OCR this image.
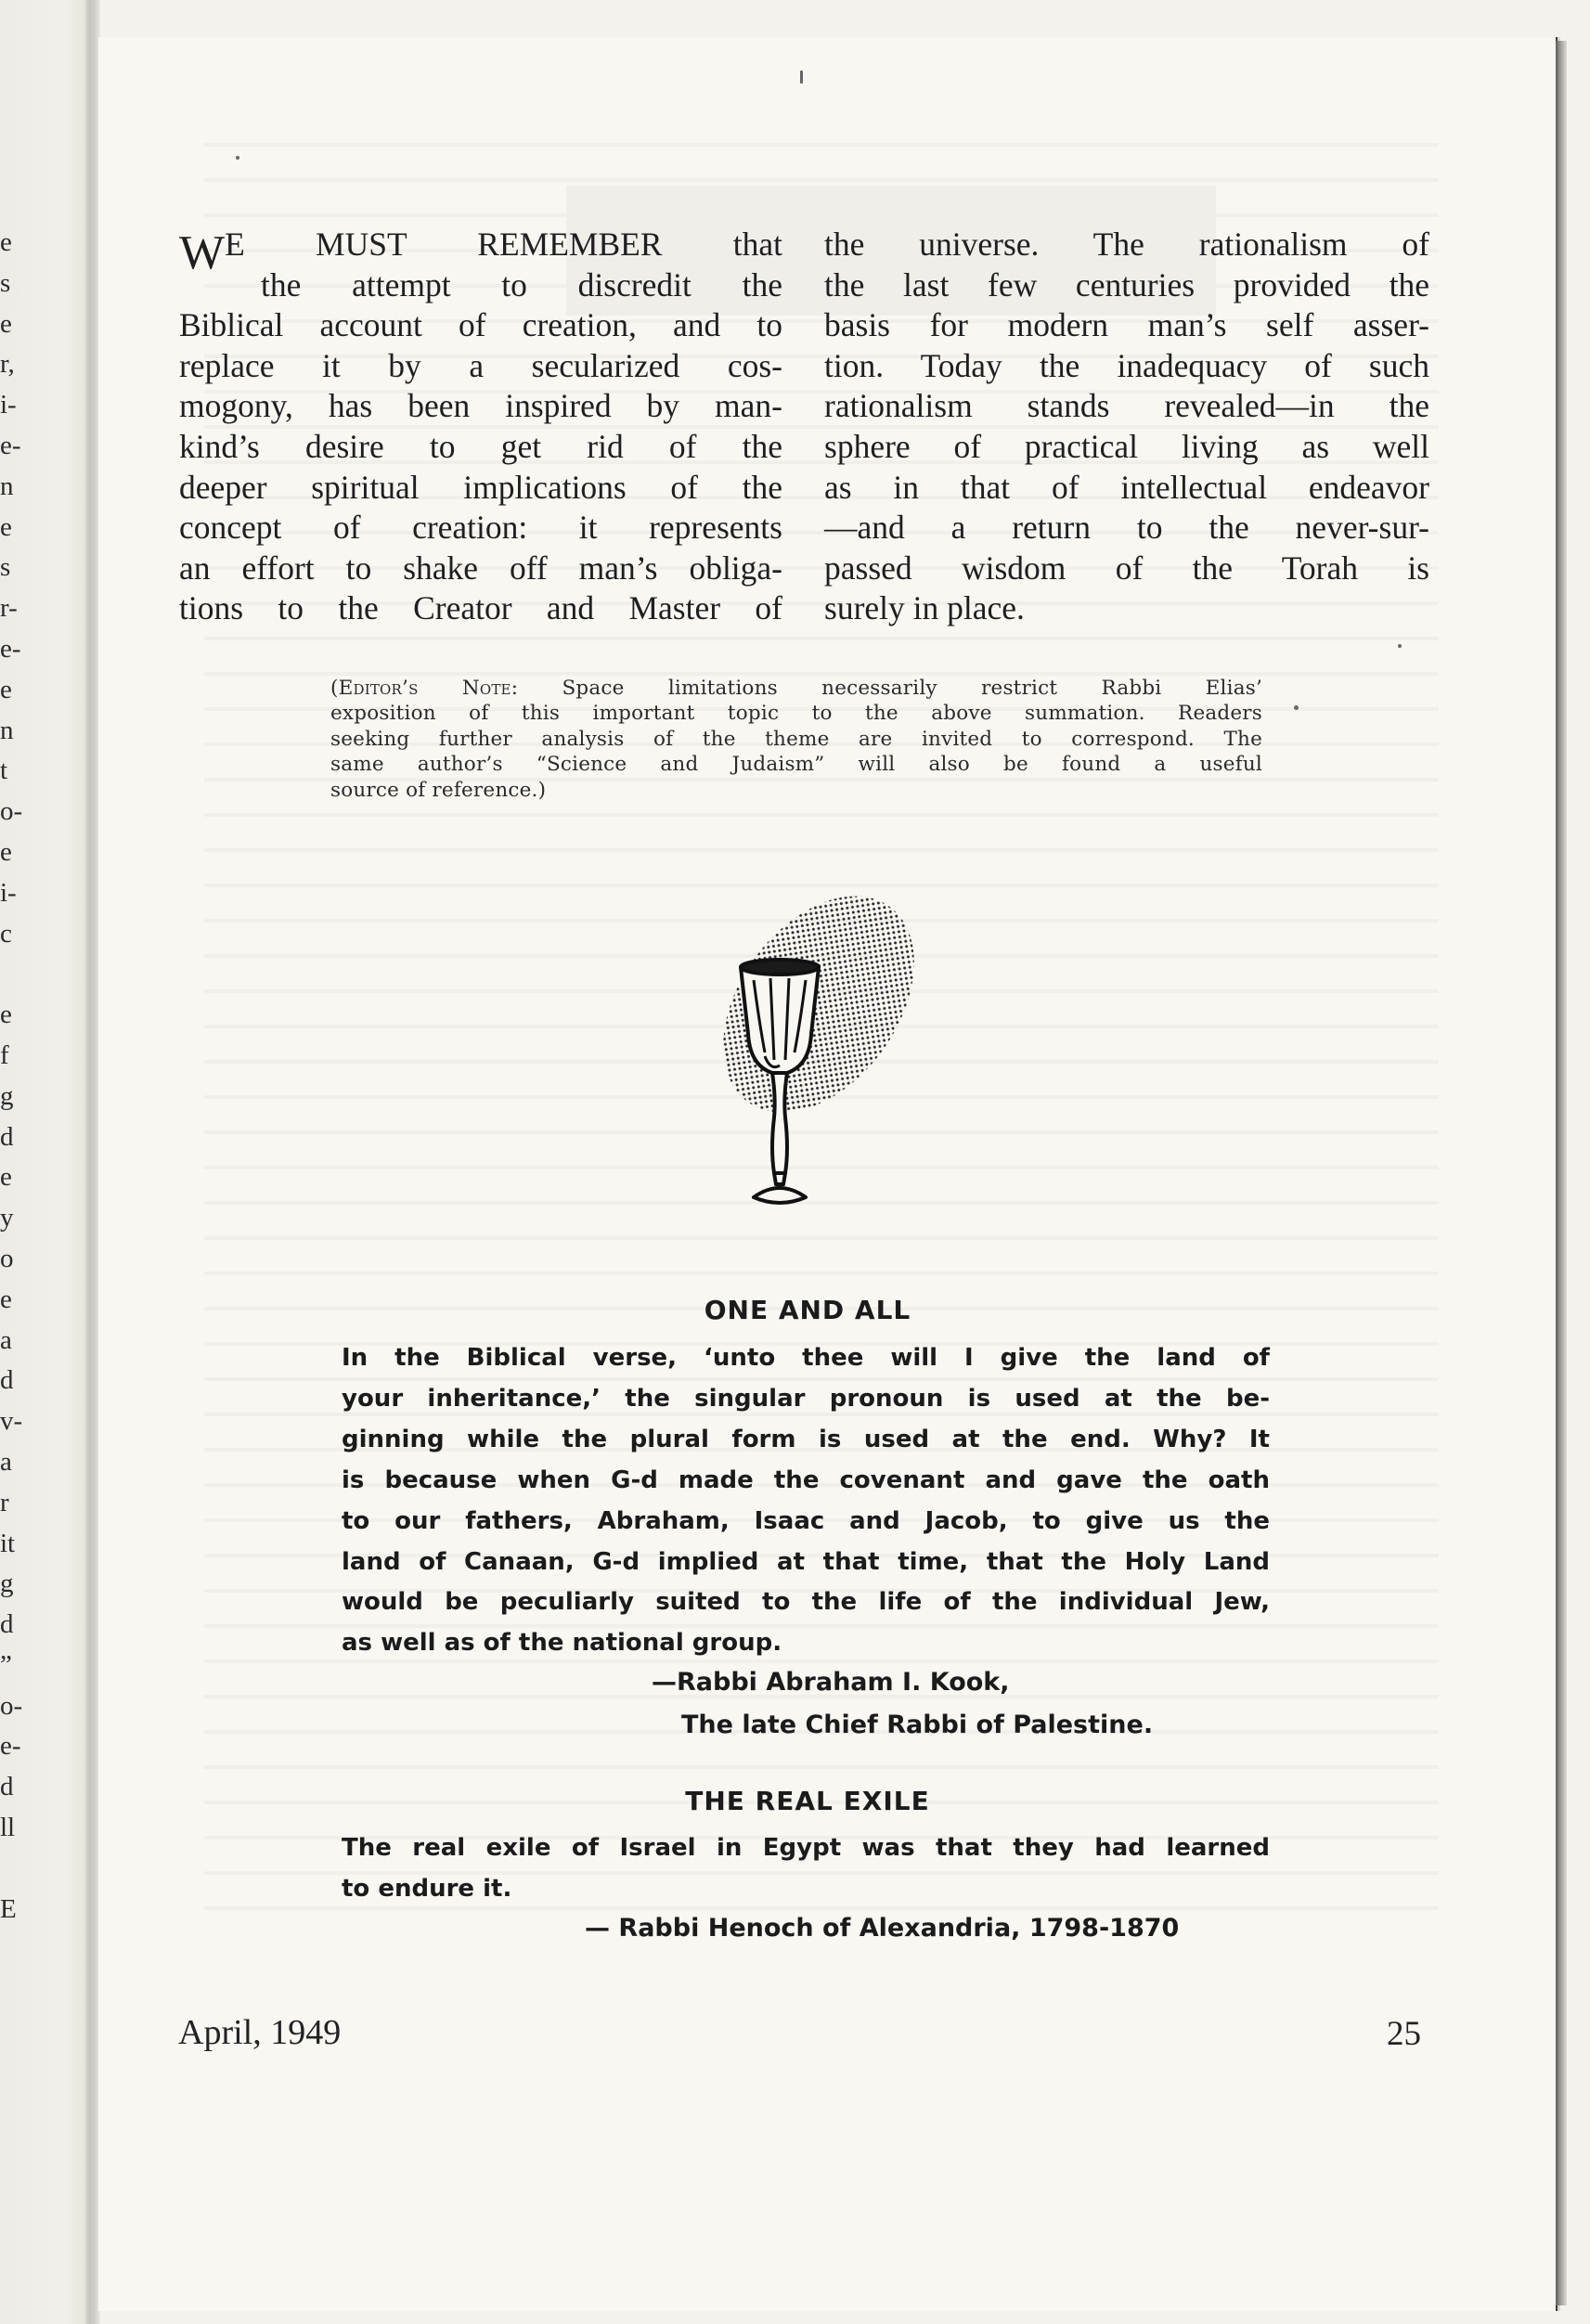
e
s
e
r,
i-
e-
n
e
s
r-
e-
e
n
t
o-
e
i-
c

e
f
g
d
e
y
o
e
a
d
v-
a
r
it
g
d
”
o-
e-
d
ll

E
WE MUST REMEMBER that
the attempt to discredit the
Biblical account of creation, and to
replace it by a secularized cos-
mogony, has been inspired by man-
kind’s desire to get rid of the
deeper spiritual implications of the
concept of creation: it represents
an effort to shake off man’s obliga-
tions to the Creator and Master of
the universe. The rationalism of
the last few centuries provided the
basis for modern man’s self asser-
tion. Today the inadequacy of such
rationalism stands revealed—in the
sphere of practical living as well
as in that of intellectual endeavor
—and a return to the never-sur-
passed wisdom of the Torah is
surely in place.
(Editor’s Note: Space limitations necessarily restrict Rabbi Elias’
exposition of this important topic to the above summation. Readers
seeking further analysis of the theme are invited to correspond. The
same author’s “Science and Judaism” will also be found a useful
source of reference.)
ONE AND ALL
In the Biblical verse, ‘unto thee will I give the land of
your inheritance,’ the singular pronoun is used at the be-
ginning while the plural form is used at the end. Why? It
is because when G-d made the covenant and gave the oath
to our fathers, Abraham, Isaac and Jacob, to give us the
land of Canaan, G-d implied at that time, that the Holy Land
would be peculiarly suited to the life of the individual Jew,
as well as of the national group.
—Rabbi Abraham I. Kook,
The late Chief Rabbi of Palestine.
THE REAL EXILE
The real exile of Israel in Egypt was that they had learned
to endure it.
— Rabbi Henoch of Alexandria, 1798-1870
April, 1949	25
